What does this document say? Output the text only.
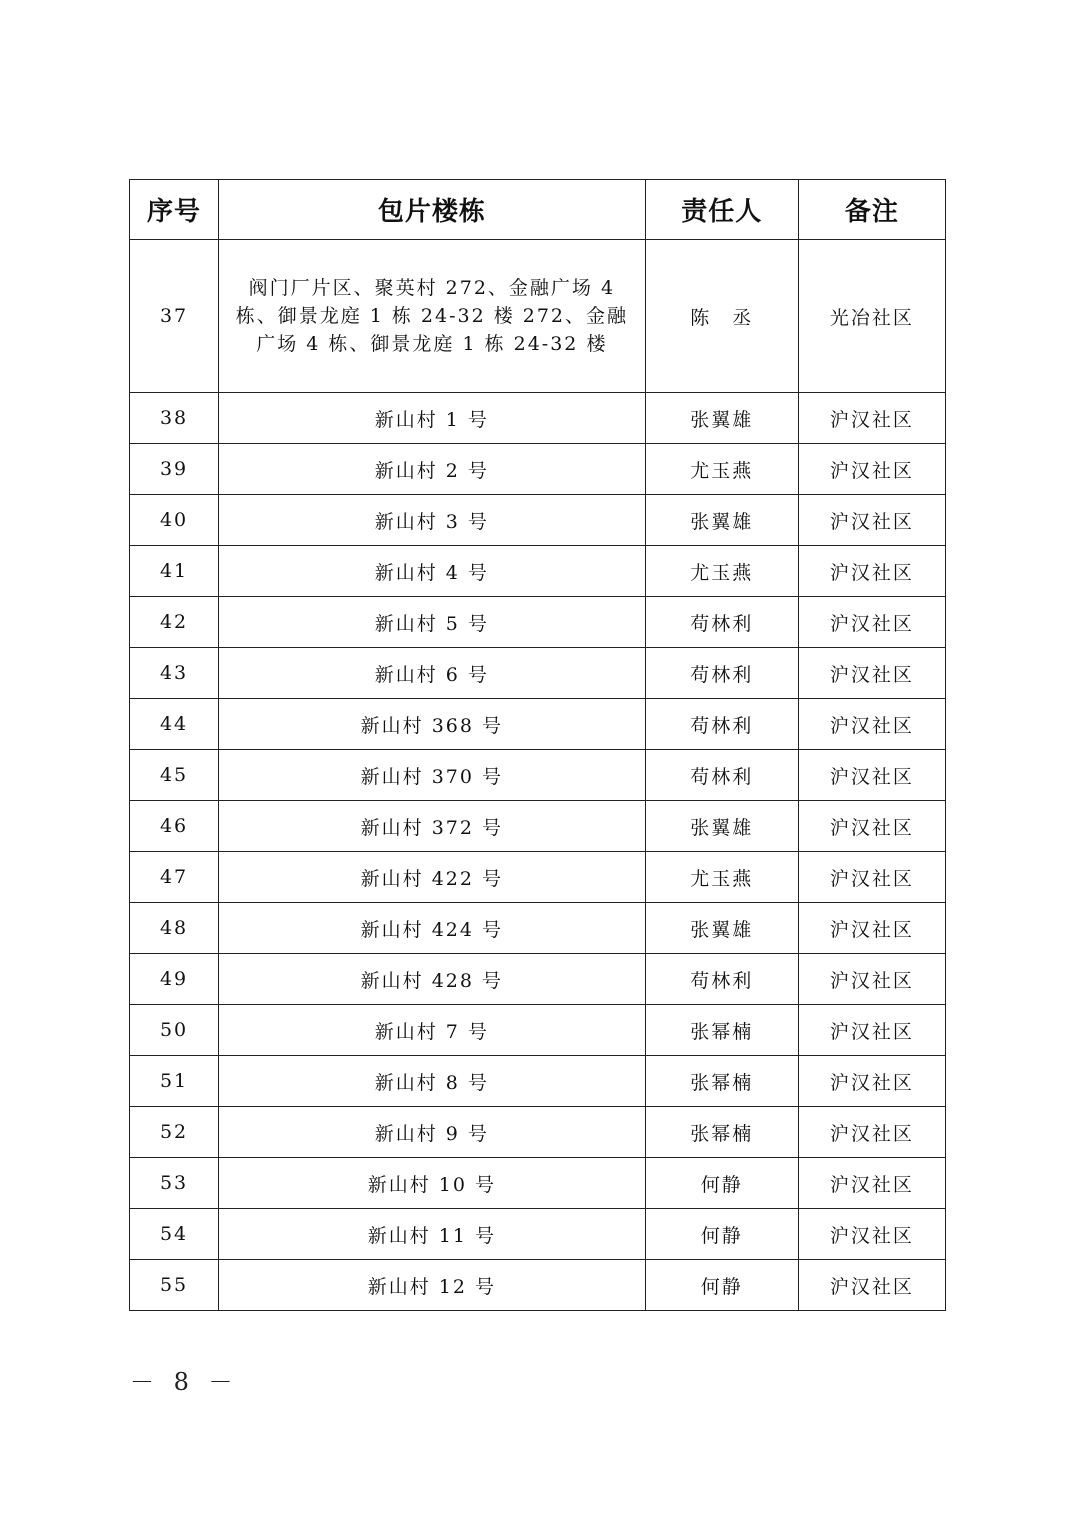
序号	包片楼栋	责任人	备注
37	阀门厂片区、聚英村 272、金融广场 4 栋、御景龙庭 1 栋 24-32 楼 272、金融广场 4 栋、御景龙庭 1 栋 24-32 楼	陈　丞	光冶社区
38	新山村 1 号	张翼雄	沪汉社区
39	新山村 2 号	尤玉燕	沪汉社区
40	新山村 3 号	张翼雄	沪汉社区
41	新山村 4 号	尤玉燕	沪汉社区
42	新山村 5 号	苟林利	沪汉社区
43	新山村 6 号	苟林利	沪汉社区
44	新山村 368 号	苟林利	沪汉社区
45	新山村 370 号	苟林利	沪汉社区
46	新山村 372 号	张翼雄	沪汉社区
47	新山村 422 号	尤玉燕	沪汉社区
48	新山村 424 号	张翼雄	沪汉社区
49	新山村 428 号	苟林利	沪汉社区
50	新山村 7 号	张幂楠	沪汉社区
51	新山村 8 号	张幂楠	沪汉社区
52	新山村 9 号	张幂楠	沪汉社区
53	新山村 10 号	何静	沪汉社区
54	新山村 11 号	何静	沪汉社区
55	新山村 12 号	何静	沪汉社区
－ 8 －
